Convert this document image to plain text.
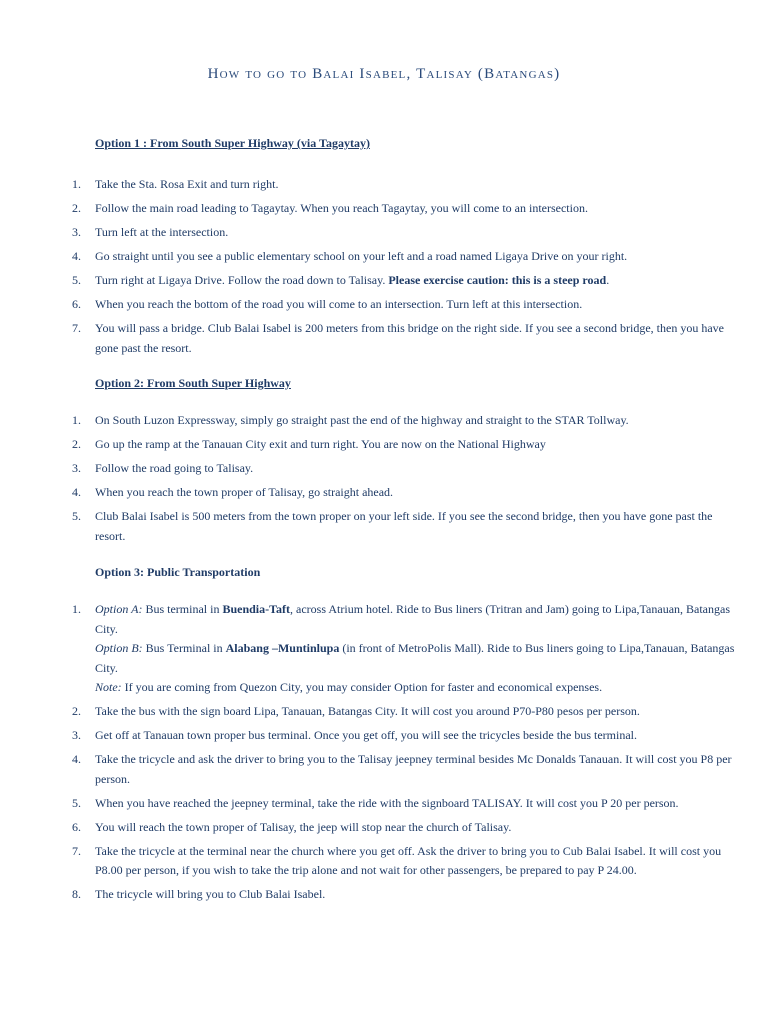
How to go to Balai Isabel, Talisay (Batangas)
Option 1 : From South Super Highway (via Tagaytay)
1. Take the Sta. Rosa Exit and turn right.
2. Follow the main road leading to Tagaytay. When you reach Tagaytay, you will come to an intersection.
3. Turn left at the intersection.
4. Go straight until you see a public elementary school on your left and a road named Ligaya Drive on your right.
5. Turn right at Ligaya Drive. Follow the road down to Talisay. Please exercise caution: this is a steep road.
6. When you reach the bottom of the road you will come to an intersection. Turn left at this intersection.
7. You will pass a bridge. Club Balai Isabel is 200 meters from this bridge on the right side. If you see a second bridge, then you have gone past the resort.
Option 2: From South Super Highway
1. On South Luzon Expressway, simply go straight past the end of the highway and straight to the STAR Tollway.
2. Go up the ramp at the Tanauan City exit and turn right. You are now on the National Highway
3. Follow the road going to Talisay.
4. When you reach the town proper of Talisay, go straight ahead.
5. Club Balai Isabel is 500 meters from the town proper on your left side. If you see the second bridge, then you have gone past the resort.
Option 3: Public Transportation
1. Option A: Bus terminal in Buendia-Taft, across Atrium hotel. Ride to Bus liners (Tritran and Jam) going to Lipa,Tanauan, Batangas City.
Option B: Bus Terminal in Alabang –Muntinlupa (in front of MetroPolis Mall). Ride to Bus liners going to Lipa,Tanauan, Batangas City.
Note: If you are coming from Quezon City, you may consider Option for faster and economical expenses.
2. Take the bus with the sign board Lipa, Tanauan, Batangas City. It will cost you around P70-P80 pesos per person.
3. Get off at Tanauan town proper bus terminal. Once you get off, you will see the tricycles beside the bus terminal.
4. Take the tricycle and ask the driver to bring you to the Talisay jeepney terminal besides Mc Donalds Tanauan. It will cost you P8 per person.
5. When you have reached the jeepney terminal, take the ride with the signboard TALISAY. It will cost you P 20 per person.
6. You will reach the town proper of Talisay, the jeep will stop near the church of Talisay.
7. Take the tricycle at the terminal near the church where you get off. Ask the driver to bring you to Cub Balai Isabel. It will cost you P8.00 per person, if you wish to take the trip alone and not wait for other passengers, be prepared to pay P 24.00.
8. The tricycle will bring you to Club Balai Isabel.
